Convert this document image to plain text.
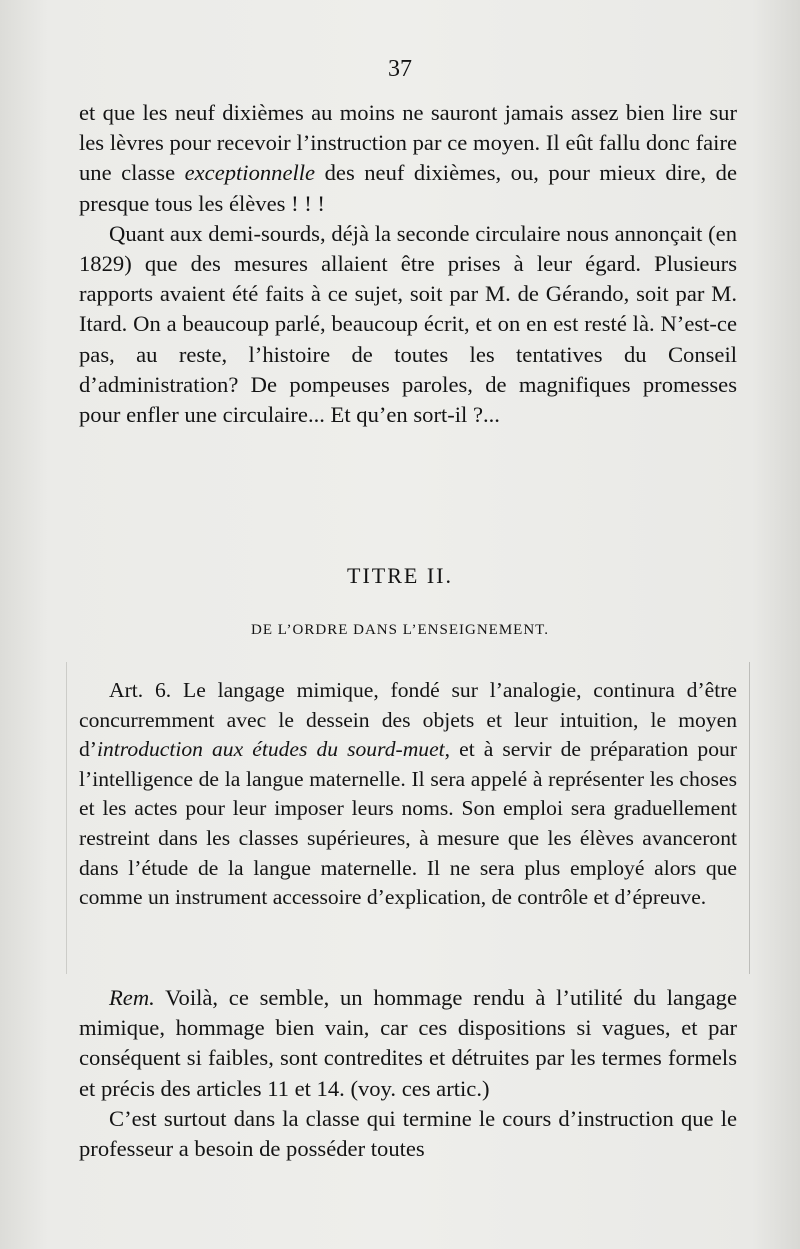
37

et que les neuf dixièmes au moins ne sauront jamais assez bien lire sur les lèvres pour recevoir l’instruction par ce moyen. Il eût fallu donc faire une classe exceptionnelle des neuf dixièmes, ou, pour mieux dire, de presque tous les élèves ! ! !

Quant aux demi-sourds, déjà la seconde circulaire nous annonçait (en 1829) que des mesures allaient être prises à leur égard. Plusieurs rapports avaient été faits à ce sujet, soit par M. de Gérando, soit par M. Itard. On a beaucoup parlé, beaucoup écrit, et on en est resté là. N’est-ce pas, au reste, l’histoire de toutes les tentatives du Conseil d’administration? De pompeuses paroles, de magnifiques promesses pour enfler une circulaire... Et qu’en sort-il ?...

TITRE II.
DE L’ORDRE DANS L’ENSEIGNEMENT.

Art. 6. Le langage mimique, fondé sur l’analogie, continura d’être concurremment avec le dessein des objets et leur intuition, le moyen d’introduction aux études du sourd-muet, et à servir de préparation pour l’intelligence de la langue maternelle. Il sera appelé à représenter les choses et les actes pour leur imposer leurs noms. Son emploi sera graduellement restreint dans les classes supérieures, à mesure que les élèves avanceront dans l’étude de la langue maternelle. Il ne sera plus employé alors que comme un instrument accessoire d’explication, de contrôle et d’épreuve.

Rem. Voilà, ce semble, un hommage rendu à l’utilité du langage mimique, hommage bien vain, car ces dispositions si vagues, et par conséquent si faibles, sont contredites et détruites par les termes formels et précis des articles 11 et 14. (voy. ces artic.)

C’est surtout dans la classe qui termine le cours d’instruction que le professeur a besoin de posséder toutes
